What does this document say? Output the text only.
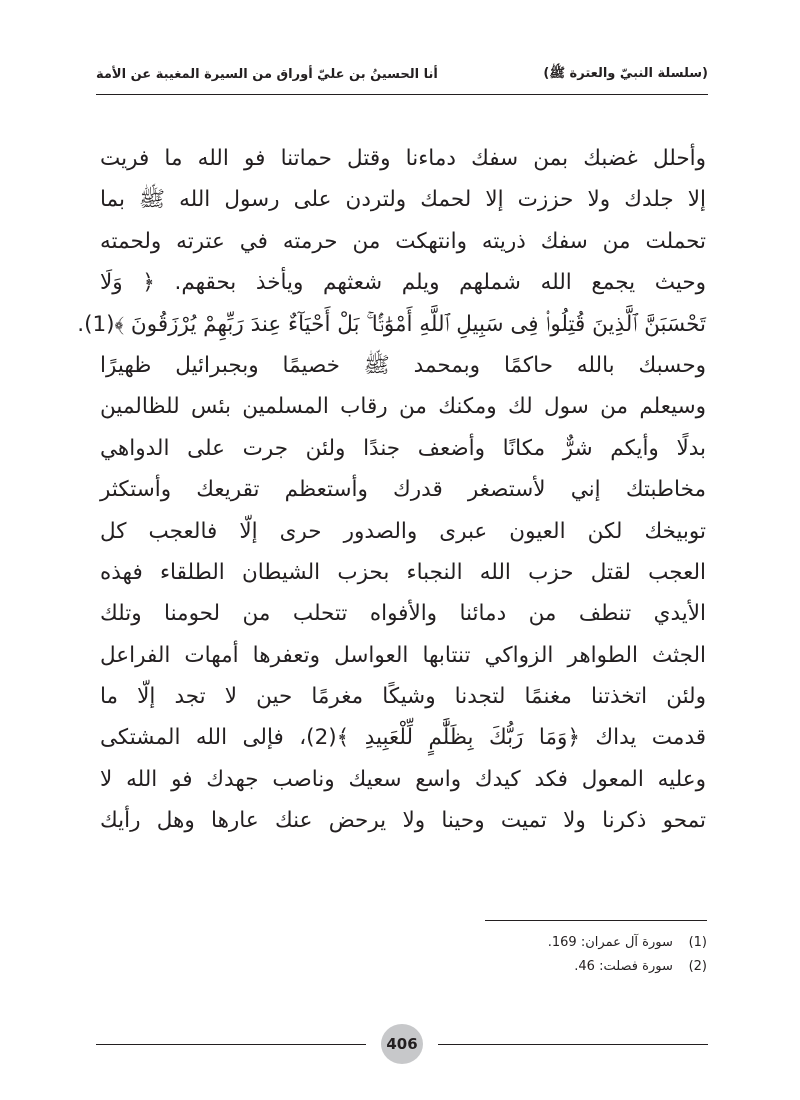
(سلسلة النبيّ والعترة ﷺ)
أنا الحسينُ بن عليّ أوراق من السيرة المغيبة عن الأمة
وأحلل غضبك بمن سفك دماءنا وقتل حماتنا فو الله ما فريت
إلا جلدك ولا حززت إلا لحمك ولتردن على رسول الله ﷺ بما
تحملت من سفك ذريته وانتهكت من حرمته في عترته ولحمته
وحيث يجمع الله شملهم ويلم شعثهم ويأخذ بحقهم. ﴿ وَلَا
تَحْسَبَنَّ ٱلَّذِينَ قُتِلُوا۟ فِى سَبِيلِ ٱللَّهِ أَمْوَٰتًۢا ۚ بَلْ أَحْيَآءٌ عِندَ رَبِّهِمْ يُرْزَقُونَ ﴾(1).
وحسبك بالله حاكمًا وبمحمد ﷺ خصيمًا وبجبرائيل ظهيرًا
وسيعلم من سول لك ومكنك من رقاب المسلمين بئس للظالمين
بدلًا وأيكم شرٌّ مكانًا وأضعف جندًا ولئن جرت على الدواهي
مخاطبتك إني لأستصغر قدرك وأستعظم تقريعك وأستكثر
توبيخك لكن العيون عبرى والصدور حرى إلّا فالعجب كل
العجب لقتل حزب الله النجباء بحزب الشيطان الطلقاء فهذه
الأيدي تنطف من دمائنا والأفواه تتحلب من لحومنا وتلك
الجثث الطواهر الزواكي تنتابها العواسل وتعفرها أمهات الفراعل
ولئن اتخذتنا مغنمًا لتجدنا وشيكًا مغرمًا حين لا تجد إلّا ما
قدمت يداك ﴿وَمَا رَبُّكَ بِظَلَّٰمٍ لِّلْعَبِيدِ ﴾(2)، فإلى الله المشتكى
وعليه المعول فكد كيدك واسع سعيك وناصب جهدك فو الله لا
تمحو ذكرنا ولا تميت وحينا ولا يرحض عنك عارها وهل رأيك
(1) سورة آل عمران: 169.
(2) سورة فصلت: 46.
406
